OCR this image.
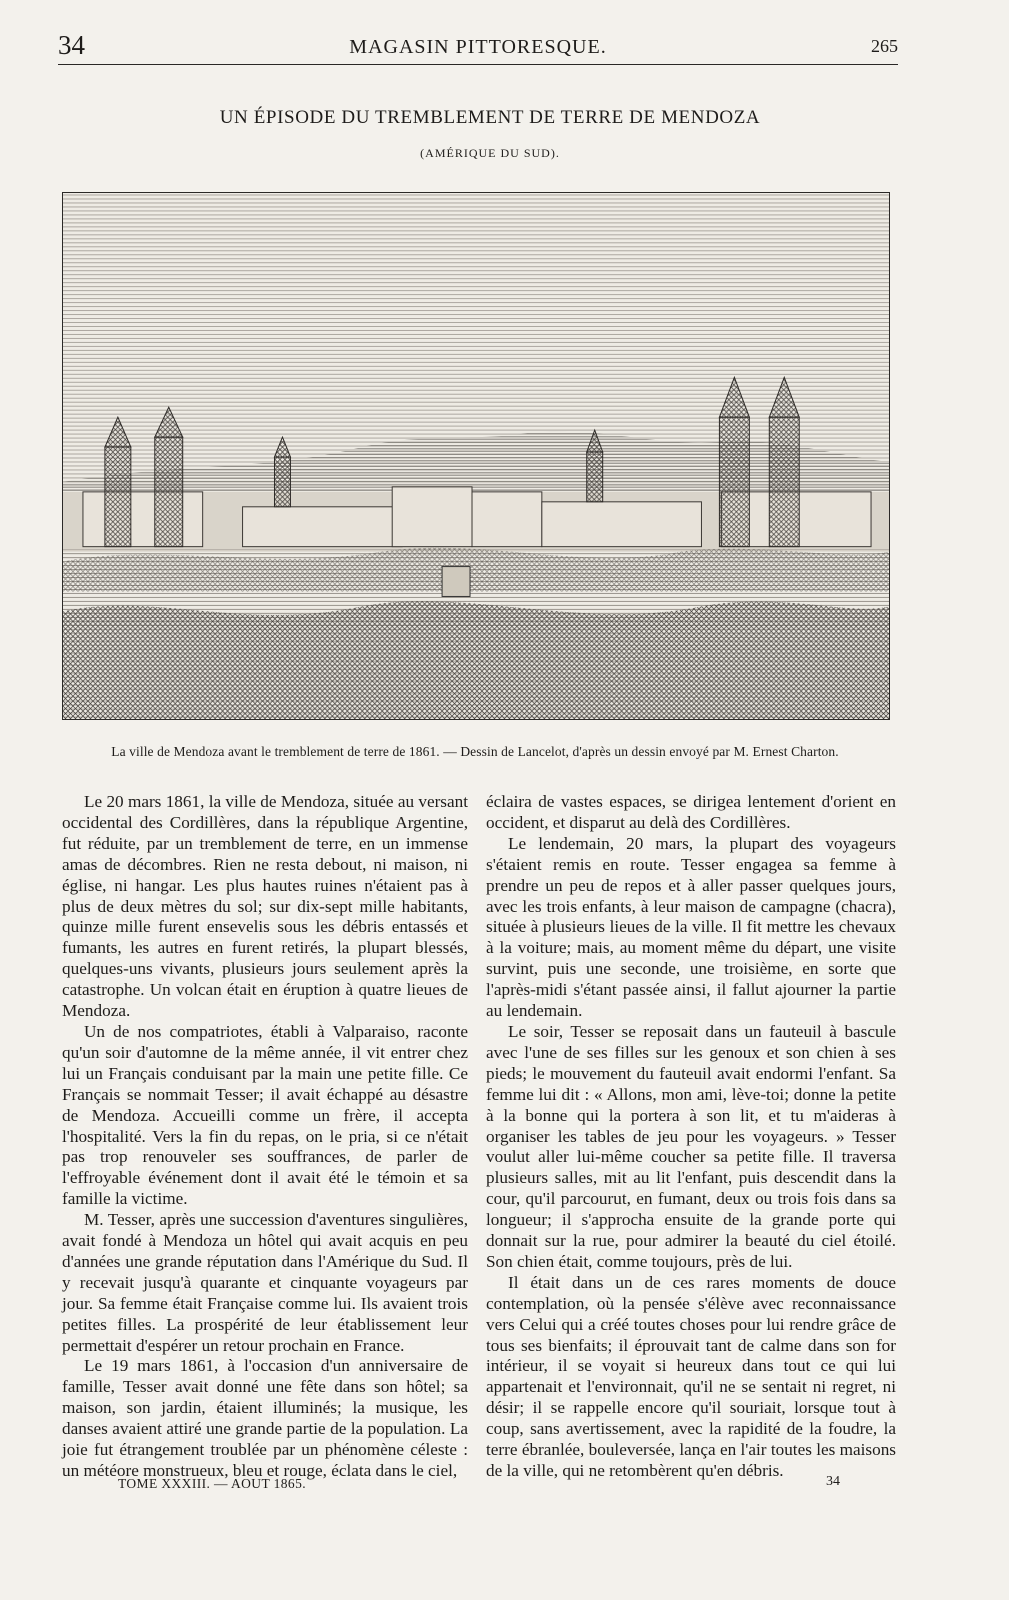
34	MAGASIN PITTORESQUE.	265
UN ÉPISODE DU TREMBLEMENT DE TERRE DE MENDOZA
(AMÉRIQUE DU SUD).
La ville de Mendoza avant le tremblement de terre de 1861. — Dessin de Lancelot, d'après un dessin envoyé par M. Ernest Charton.

Le 20 mars 1861, la ville de Mendoza, située au versant occidental des Cordillères, dans la république Argentine, fut réduite, par un tremblement de terre, en un immense amas de décombres. Rien ne resta debout, ni maison, ni église, ni hangar. Les plus hautes ruines n'étaient pas à plus de deux mètres du sol; sur dix-sept mille habitants, quinze mille furent ensevelis sous les débris entassés et fumants, les autres en furent retirés, la plupart blessés, quelques-uns vivants, plusieurs jours seulement après la catastrophe. Un volcan était en éruption à quatre lieues de Mendoza.

Un de nos compatriotes, établi à Valparaiso, raconte qu'un soir d'automne de la même année, il vit entrer chez lui un Français conduisant par la main une petite fille. Ce Français se nommait Tesser; il avait échappé au désastre de Mendoza. Accueilli comme un frère, il accepta l'hospitalité. Vers la fin du repas, on le pria, si ce n'était pas trop renouveler ses souffrances, de parler de l'effroyable événement dont il avait été le témoin et sa famille la victime.

M. Tesser, après une succession d'aventures singulières, avait fondé à Mendoza un hôtel qui avait acquis en peu d'années une grande réputation dans l'Amérique du Sud. Il y recevait jusqu'à quarante et cinquante voyageurs par jour. Sa femme était Française comme lui. Ils avaient trois petites filles. La prospérité de leur établissement leur permettait d'espérer un retour prochain en France.

Le 19 mars 1861, à l'occasion d'un anniversaire de famille, Tesser avait donné une fête dans son hôtel; sa maison, son jardin, étaient illuminés; la musique, les danses avaient attiré une grande partie de la population. La joie fut étrangement troublée par un phénomène céleste : un météore monstrueux, bleu et rouge, éclata dans le ciel,

éclaira de vastes espaces, se dirigea lentement d'orient en occident, et disparut au delà des Cordillères.

Le lendemain, 20 mars, la plupart des voyageurs s'étaient remis en route. Tesser engagea sa femme à prendre un peu de repos et à aller passer quelques jours, avec les trois enfants, à leur maison de campagne (chacra), située à plusieurs lieues de la ville. Il fit mettre les chevaux à la voiture; mais, au moment même du départ, une visite survint, puis une seconde, une troisième, en sorte que l'après-midi s'étant passée ainsi, il fallut ajourner la partie au lendemain.

Le soir, Tesser se reposait dans un fauteuil à bascule avec l'une de ses filles sur les genoux et son chien à ses pieds; le mouvement du fauteuil avait endormi l'enfant. Sa femme lui dit : « Allons, mon ami, lève-toi; donne la petite à la bonne qui la portera à son lit, et tu m'aideras à organiser les tables de jeu pour les voyageurs. » Tesser voulut aller lui-même coucher sa petite fille. Il traversa plusieurs salles, mit au lit l'enfant, puis descendit dans la cour, qu'il parcourut, en fumant, deux ou trois fois dans sa longueur; il s'approcha ensuite de la grande porte qui donnait sur la rue, pour admirer la beauté du ciel étoilé. Son chien était, comme toujours, près de lui.

Il était dans un de ces rares moments de douce contemplation, où la pensée s'élève avec reconnaissance vers Celui qui a créé toutes choses pour lui rendre grâce de tous ses bienfaits; il éprouvait tant de calme dans son for intérieur, il se voyait si heureux dans tout ce qui lui appartenait et l'environnait, qu'il ne se sentait ni regret, ni désir; il se rappelle encore qu'il souriait, lorsque tout à coup, sans avertissement, avec la rapidité de la foudre, la terre ébranlée, bouleversée, lança en l'air toutes les maisons de la ville, qui ne retombèrent qu'en débris.

TOME XXXIII. — AOUT 1865.	34
